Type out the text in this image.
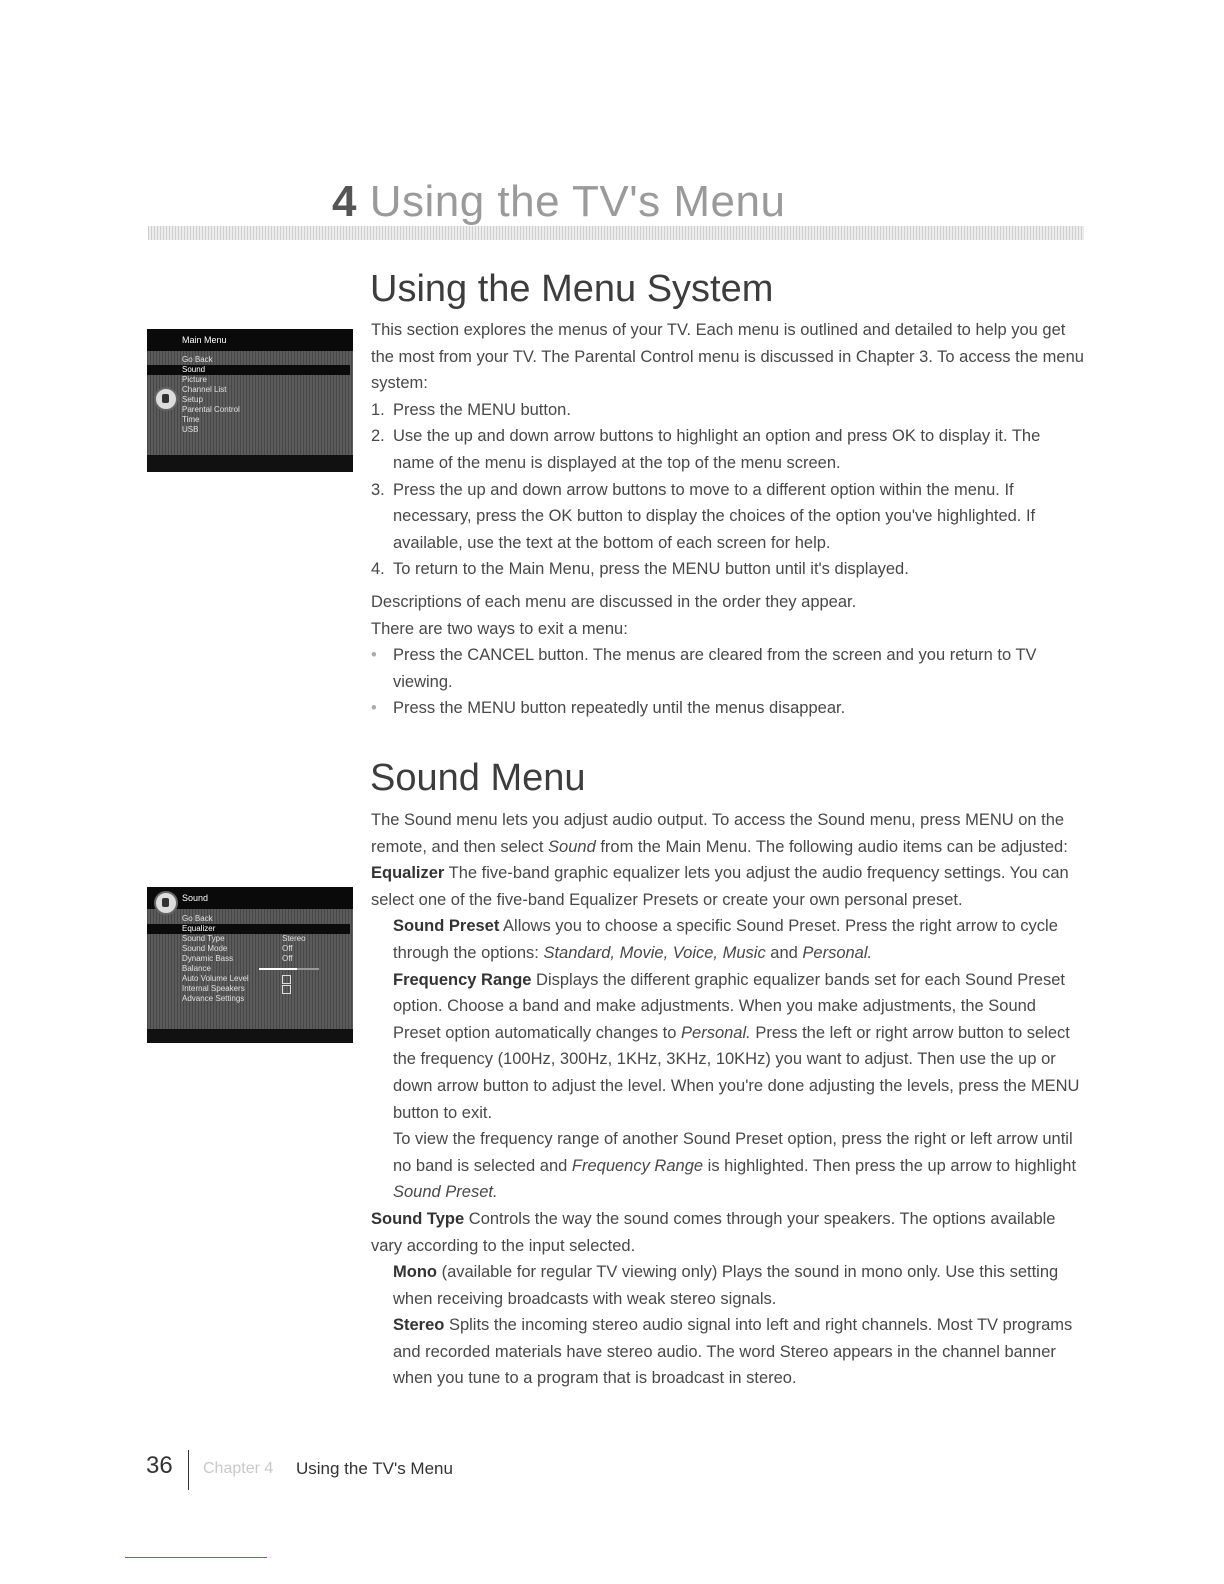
4 Using the TV's Menu
Using the Menu System

This section explores the menus of your TV. Each menu is outlined and detailed to help you get the most from your TV. The Parental Control menu is discussed in Chapter 3. To access the menu system:

1. Press the MENU button.
2. Use the up and down arrow buttons to highlight an option and press OK to display it. The name of the menu is displayed at the top of the menu screen.
3. Press the up and down arrow buttons to move to a different option within the menu. If necessary, press the OK button to display the choices of the option you've highlighted. If available, use the text at the bottom of each screen for help.
4. To return to the Main Menu, press the MENU button until it's displayed.

Descriptions of each menu are discussed in the order they appear.

There are two ways to exit a menu:

• Press the CANCEL button. The menus are cleared from the screen and you return to TV viewing.
• Press the MENU button repeatedly until the menus disappear.
Main Menu
Go Back
Sound
Picture
Channel List
Setup
Parental Control
Time
USB
Sound Menu

The Sound menu lets you adjust audio output. To access the Sound menu, press MENU on the remote, and then select Sound from the Main Menu. The following audio items can be adjusted:

Equalizer The five-band graphic equalizer lets you adjust the audio frequency settings. You can select one of the five-band Equalizer Presets or create your own personal preset.

Sound Preset Allows you to choose a specific Sound Preset. Press the right arrow to cycle through the options: Standard, Movie, Voice, Music and Personal.

Frequency Range Displays the different graphic equalizer bands set for each Sound Preset option. Choose a band and make adjustments. When you make adjustments, the Sound Preset option automatically changes to Personal. Press the left or right arrow button to select the frequency (100Hz, 300Hz, 1KHz, 3KHz, 10KHz) you want to adjust. Then use the up or down arrow button to adjust the level. When you're done adjusting the levels, press the MENU button to exit.

To view the frequency range of another Sound Preset option, press the right or left arrow until no band is selected and Frequency Range is highlighted. Then press the up arrow to highlight Sound Preset.

Sound Type Controls the way the sound comes through your speakers. The options available vary according to the input selected.

Mono (available for regular TV viewing only) Plays the sound in mono only. Use this setting when receiving broadcasts with weak stereo signals.

Stereo Splits the incoming stereo audio signal into left and right channels. Most TV programs and recorded materials have stereo audio. The word Stereo appears in the channel banner when you tune to a program that is broadcast in stereo.

Sound
Go Back
Equalizer
Sound Type	Stereo
Sound Mode	Off
Dynamic Bass	Off
Balance
Auto Volume Level
Internal Speakers
Advance Settings
36 Chapter 4 Using the TV's Menu
